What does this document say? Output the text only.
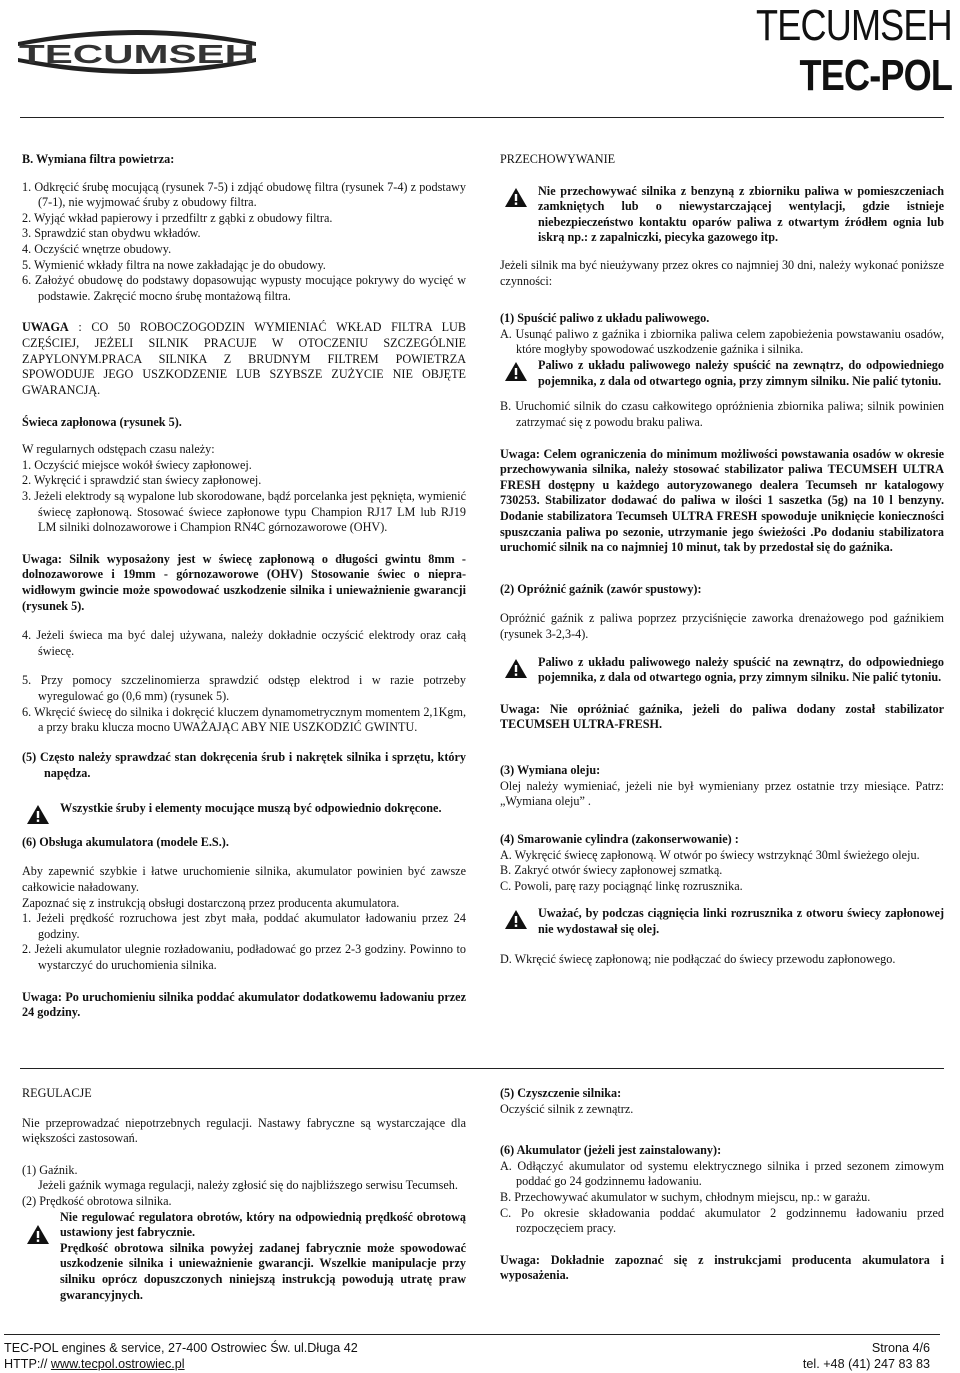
TECUMSEH
TECUMSEH
TEC-POL

B. Wymiana filtra powietrza:

1. Odkręcić śrubę mocującą (rysunek 7-5) i zdjąć obudowę filtra (rysunek 7-4) z podstawy (7-1), nie wyjmować śruby z obudowy filtra.

2. Wyjąć wkład papierowy i przedfiltr z gąbki z obudowy filtra.

3. Sprawdzić stan obydwu wkładów.

4. Oczyścić wnętrze obudowy.

5. Wymienić wkłady filtra na nowe zakładając je do obudowy.

6. Założyć obudowę do podstawy dopasowując wypusty mocujące pokrywy do wycięć w podstawie. Zakręcić mocno śrubę montażową filtra.

UWAGA : CO 50 ROBOCZOGODZIN WYMIENIAĆ WKŁAD FILTRA LUB CZĘŚCIEJ, JEŻELI SILNIK PRACUJE W OTOCZENIU SZCZEGÓLNIE ZAPYLONYM.PRACA SILNIKA Z BRUDNYM FILTREM POWIETRZA SPOWODUJE JEGO USZKODZENIE LUB SZYBSZE ZUŻYCIE NIE OBJĘTE GWARANCJĄ.

Świeca zapłonowa (rysunek 5).

W regularnych odstępach czasu należy:

1. Oczyścić miejsce wokół świecy zapłonowej.

2. Wykręcić i sprawdzić stan świecy zapłonowej.

3. Jeżeli elektrody są wypalone lub skorodowane, bądź porcelanka jest pęknięta, wymienić świecę zapłonową. Stosować świece zapłonowe typu Champion RJ17 LM lub RJ19 LM silniki dolnozaworowe i Champion RN4C górnozaworowe (OHV).

Uwaga: Silnik wyposażony jest w świecę zapłonową o długości gwintu 8mm - dolnozaworowe i 19mm - górnozaworowe (OHV) Stosowanie świec o nieprawidłowym gwincie może spowodować uszkodzenie silnika i unieważnienie gwarancji (rysunek 5).

4. Jeżeli świeca ma być dalej używana, należy dokładnie oczyścić elektrody oraz całą świecę.

5. Przy pomocy szczelinomierza sprawdzić odstęp elektrod i w razie potrzeby wyregulować go (0,6 mm) (rysunek 5).

6. Wkręcić świecę do silnika i dokręcić kluczem dynamometrycznym momentem 2,1Kgm, a przy braku klucza mocno UWAŻAJĄC ABY NIE USZKODZIĆ GWINTU.

(5) Często należy sprawdzać stan dokręcenia śrub i nakrętek silnika i sprzętu, który napędza.

Wszystkie śruby i elementy mocujące muszą być odpowiednio dokręcone.

(6) Obsługa akumulatora (modele E.S.).

Aby zapewnić szybkie i łatwe uruchomienie silnika, akumulator powinien być zawsze całkowicie naładowany.

Zapoznać się z instrukcją obsługi dostarczoną przez producenta akumulatora.

1. Jeżeli prędkość rozruchowa jest zbyt mała, poddać akumulator ładowaniu przez 24 godziny.

2. Jeżeli akumulator ulegnie rozładowaniu, podładować go przez 2-3 godziny. Powinno to wystarczyć do uruchomienia silnika.

Uwaga: Po uruchomieniu silnika poddać akumulator dodatkowemu ładowaniu przez 24 godziny.

PRZECHOWYWANIE

Nie przechowywać silnika z benzyną z zbiorniku paliwa w pomieszczeniach zamkniętych lub o niewystarczającej wentylacji, gdzie istnieje niebezpieczeństwo kontaktu oparów paliwa z otwartym źródłem ognia lub iskrą np.: z zapalniczki, piecyka gazowego itp.

Jeżeli silnik ma być nieużywany przez okres co najmniej 30 dni, należy wykonać poniższe czynności:

(1) Spuścić paliwo z układu paliwowego.

A. Usunąć paliwo z gaźnika i zbiornika paliwa celem zapobieżenia powstawaniu osadów, które mogłyby spowodować uszkodzenie gaźnika i silnika.

Paliwo z układu paliwowego należy spuścić na zewnątrz, do odpowiedniego pojemnika, z dala od otwartego ognia, przy zimnym silniku. Nie palić tytoniu.

B. Uruchomić silnik do czasu całkowitego opróżnienia zbiornika paliwa; silnik powinien zatrzymać się z powodu braku paliwa.

Uwaga: Celem ograniczenia do minimum możliwości powstawania osadów w okresie przechowywania silnika, należy stosować stabilizator paliwa TECUMSEH ULTRA FRESH dostępny u każdego autoryzowanego dealera Tecumseh nr katalogowy 730253. Stabilizator dodawać do paliwa w ilości 1 saszetka (5g) na 10 l benzyny. Dodanie stabilizatora Tecumseh ULTRA FRESH spowoduje uniknięcie konieczności spuszczania paliwa po sezonie, utrzymanie jego świeżości .Po dodaniu stabilizatora uruchomić silnik na co najmniej 10 minut, tak by przedostał się do gaźnika.

(2) Opróżnić gaźnik (zawór spustowy):

Opróżnić gaźnik z paliwa poprzez przyciśnięcie zaworka drenażowego pod gaźnikiem (rysunek 3-2,3-4).

Paliwo z układu paliwowego należy spuścić na zewnątrz, do odpowiedniego pojemnika, z dala od otwartego ognia, przy zimnym silniku. Nie palić tytoniu.

Uwaga: Nie opróżniać gaźnika, jeżeli do paliwa dodany został stabilizator TECUMSEH ULTRA-FRESH.

(3) Wymiana oleju:

Olej należy wymieniać, jeżeli nie był wymieniany przez ostatnie trzy miesiące. Patrz: „Wymiana oleju” .

(4) Smarowanie cylindra (zakonserwowanie) :

A. Wykręcić świecę zapłonową. W otwór po świecy wstrzyknąć 30ml świeżego oleju.

B. Zakryć otwór świecy zapłonowej szmatką.

C. Powoli, parę razy pociągnąć linkę rozrusznika.

Uważać, by podczas ciągnięcia linki rozrusznika z otworu świecy zapłonowej nie wydostawał się olej.

D. Wkręcić świecę zapłonową; nie podłączać do świecy przewodu zapłonowego.

REGULACJE

Nie przeprowadzać niepotrzebnych regulacji. Nastawy fabryczne są wystarczające dla większości zastosowań.

(1) Gaźnik.

Jeżeli gaźnik wymaga regulacji, należy zgłosić się do najbliższego serwisu Tecumseh.

(2) Prędkość obrotowa silnika.

Nie regulować regulatora obrotów, który na odpowiednią prędkość obrotową ustawiony jest fabrycznie.

Prędkość obrotowa silnika powyżej zadanej fabrycznie może spowodować uszkodzenie silnika i unieważnienie gwarancji. Wszelkie manipulacje przy silniku oprócz dopuszczonych niniejszą instrukcją powodują utratę praw gwarancyjnych.

(5) Czyszczenie silnika:

Oczyścić silnik z zewnątrz.

(6) Akumulator (jeżeli jest zainstalowany):

A. Odłączyć akumulator od systemu elektrycznego silnika i przed sezonem zimowym poddać go 24 godzinnemu ładowaniu.

B. Przechowywać akumulator w suchym, chłodnym miejscu, np.: w garażu.

C. Po okresie składowania poddać akumulator 2 godzinnemu ładowaniu przed rozpoczęciem pracy.

Uwaga: Dokładnie zapoznać się z instrukcjami producenta akumulatora i wyposażenia.

TEC-POL engines & service, 27-400 Ostrowiec Św. ul.Długa 42
HTTP:// www.tecpol.ostrowiec.pl
Strona 4/6
tel. +48 (41) 247 83 83
